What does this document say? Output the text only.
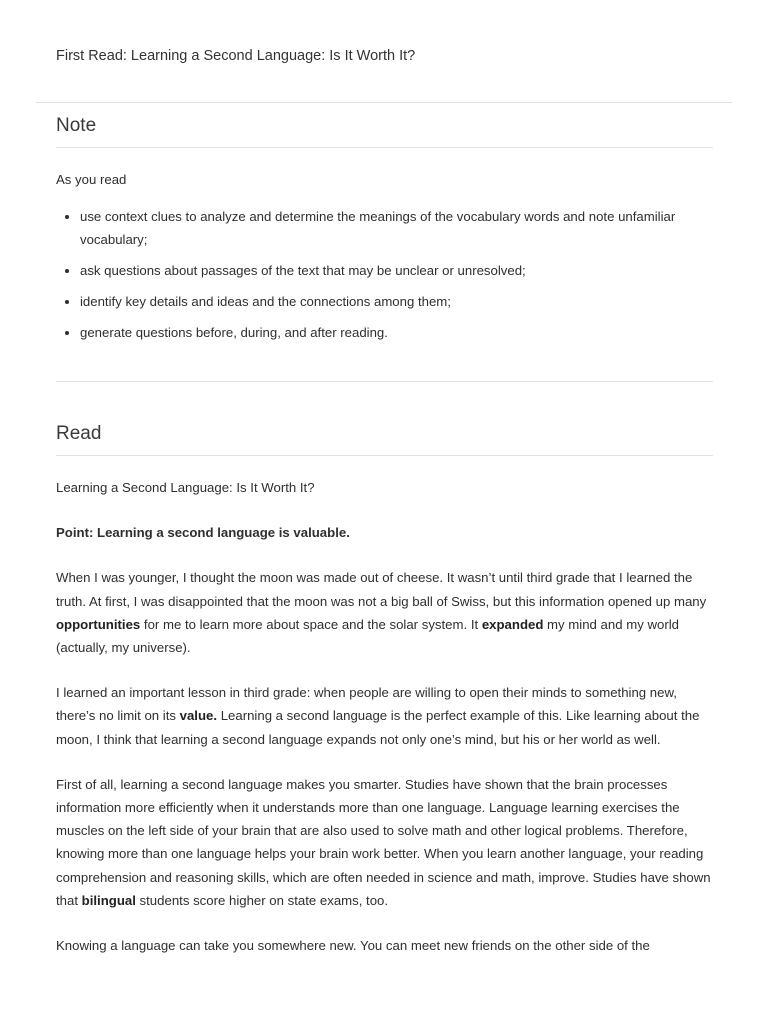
First Read: Learning a Second Language: Is It Worth It?
Note

As you read

• use context clues to analyze and determine the meanings of the vocabulary words and note unfamiliar vocabulary;
• ask questions about passages of the text that may be unclear or unresolved;
• identify key details and ideas and the connections among them;
• generate questions before, during, and after reading.
Read

Learning a Second Language: Is It Worth It?

Point: Learning a second language is valuable.

When I was younger, I thought the moon was made out of cheese. It wasn’t until third grade that I learned the truth. At first, I was disappointed that the moon was not a big ball of Swiss, but this information opened up many opportunities for me to learn more about space and the solar system. It expanded my mind and my world (actually, my universe).

I learned an important lesson in third grade: when people are willing to open their minds to something new, there’s no limit on its value. Learning a second language is the perfect example of this. Like learning about the moon, I think that learning a second language expands not only one’s mind, but his or her world as well.

First of all, learning a second language makes you smarter. Studies have shown that the brain processes information more efficiently when it understands more than one language. Language learning exercises the muscles on the left side of your brain that are also used to solve math and other logical problems. Therefore, knowing more than one language helps your brain work better. When you learn another language, your reading comprehension and reasoning skills, which are often needed in science and math, improve. Studies have shown that bilingual students score higher on state exams, too.

Knowing a language can take you somewhere new. You can meet new friends on the other side of the
